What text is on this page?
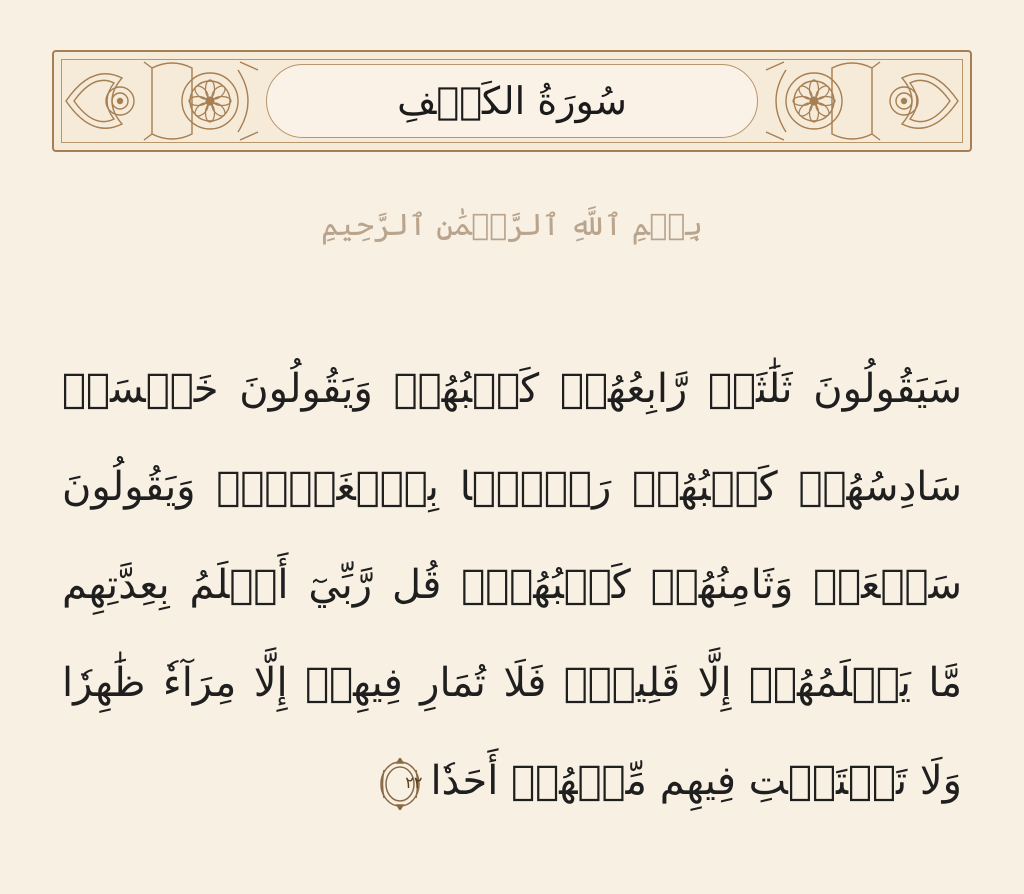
سُورَةُ الكَهۡفِ
بِسۡمِ ٱللَّهِ ٱلرَّحۡمَٰنِ ٱلرَّحِيمِ
سَيَقُولُونَ ثَلَٰثَةٞ رَّابِعُهُمۡ كَلۡبُهُمۡ وَيَقُولُونَ خَمۡسَةٞ سَادِسُهُمۡ كَلۡبُهُمۡ رَجۡمَۢا بِٱلۡغَيۡبِۖ وَيَقُولُونَ سَبۡعَةٞ وَثَامِنُهُمۡ كَلۡبُهُمۡۚ قُل رَّبِّيٓ أَعۡلَمُ بِعِدَّتِهِم مَّا يَعۡلَمُهُمۡ إِلَّا قَلِيلٞۗ فَلَا تُمَارِ فِيهِمۡ إِلَّا مِرَآءٗ ظَٰهِرٗا وَلَا تَسۡتَفۡتِ فِيهِم مِّنۡهُمۡ أَحَدٗا
٢٢
